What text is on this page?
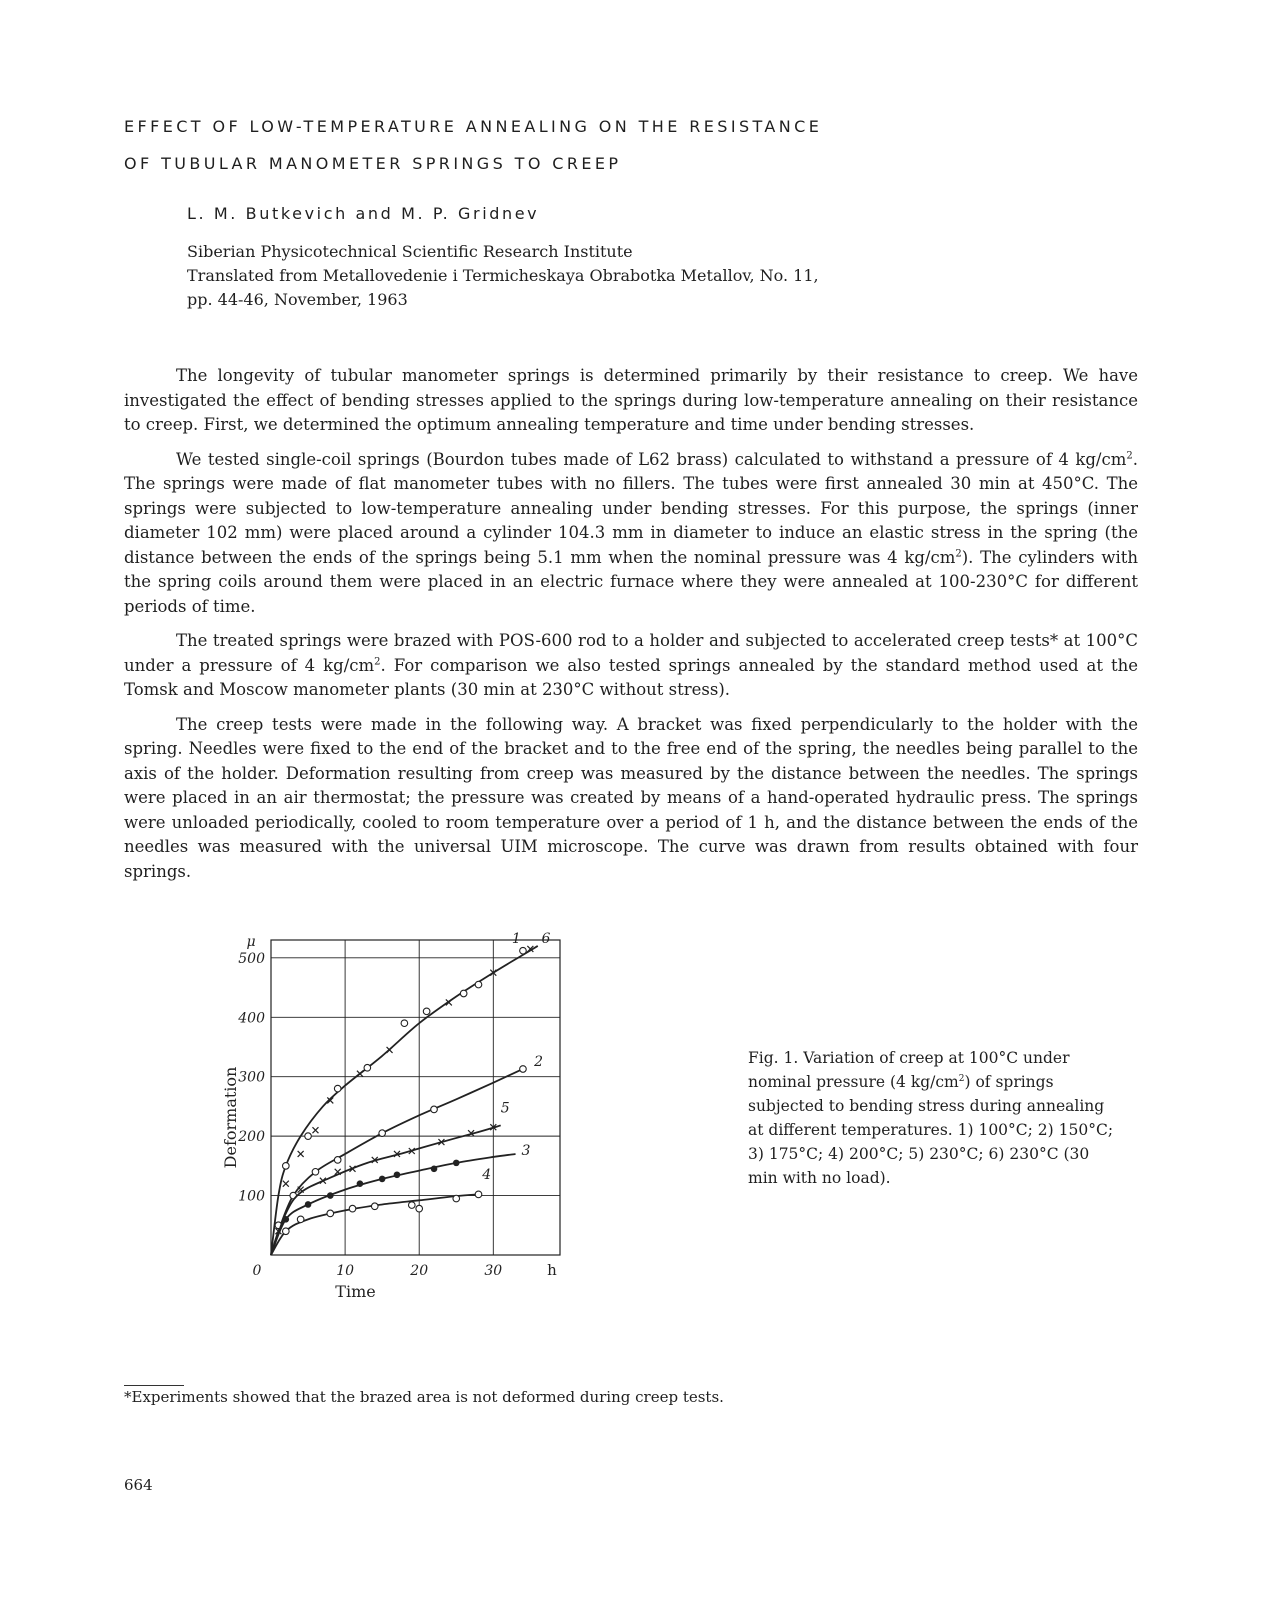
EFFECT OF LOW-TEMPERATURE ANNEALING ON THE RESISTANCE
OF TUBULAR MANOMETER SPRINGS TO CREEP

L. M. Butkevich and M. P. Gridnev

Siberian Physicotechnical Scientific Research Institute
Translated from Metallovedenie i Termicheskaya Obrabotka Metallov, No. 11,
pp. 44-46, November, 1963

The longevity of tubular manometer springs is determined primarily by their resistance to creep. We have investigated the effect of bending stresses applied to the springs during low-temperature annealing on their resistance to creep. First, we determined the optimum annealing temperature and time under bending stresses.

We tested single-coil springs (Bourdon tubes made of L62 brass) calculated to withstand a pressure of 4 $kg/cm^2$. The springs were made of flat manometer tubes with no fillers. The tubes were first annealed 30 min at 450°C. The springs were subjected to low-temperature annealing under bending stresses. For this purpose, the springs (inner diameter 102 mm) were placed around a cylinder 104.3 mm in diameter to induce an elastic stress in the spring (the distance between the ends of the springs being 5.1 mm when the nominal pressure was 4 $kg/cm^2$). The cylinders with the spring coils around them were placed in an electric furnace where they were annealed at 100-230°C for different periods of time.

The treated springs were brazed with POS-600 rod to a holder and subjected to accelerated creep tests* at 100°C under a pressure of 4 $kg/cm^2$. For comparison we also tested springs annealed by the standard method used at the Tomsk and Moscow manometer plants (30 min at 230°C without stress).

The creep tests were made in the following way. A bracket was fixed perpendicularly to the holder with the spring. Needles were fixed to the end of the bracket and to the free end of the spring, the needles being parallel to the axis of the holder. Deformation resulting from creep was measured by the distance between the needles. The springs were placed in an air thermostat; the pressure was created by means of a hand-operated hydraulic press. The springs were unloaded periodically, cooled to room temperature over a period of 1 h, and the distance between the ends of the needles was measured with the universal UIM microscope. The curve was drawn from results obtained with four springs.

0	10	20	30
100
200
300
400
500
μ
h
Time
Deformation
1 6
2
5
3
4

Fig. 1. Variation of creep at 100°C under nominal pressure (4 $kg/cm^2$) of springs subjected to bending stress during annealing at different temperatures. 1) 100°C; 2) 150°C; 3) 175°C; 4) 200°C; 5) 230°C; 6) 230°C (30 min with no load).

*Experiments showed that the brazed area is not deformed during creep tests.

664
